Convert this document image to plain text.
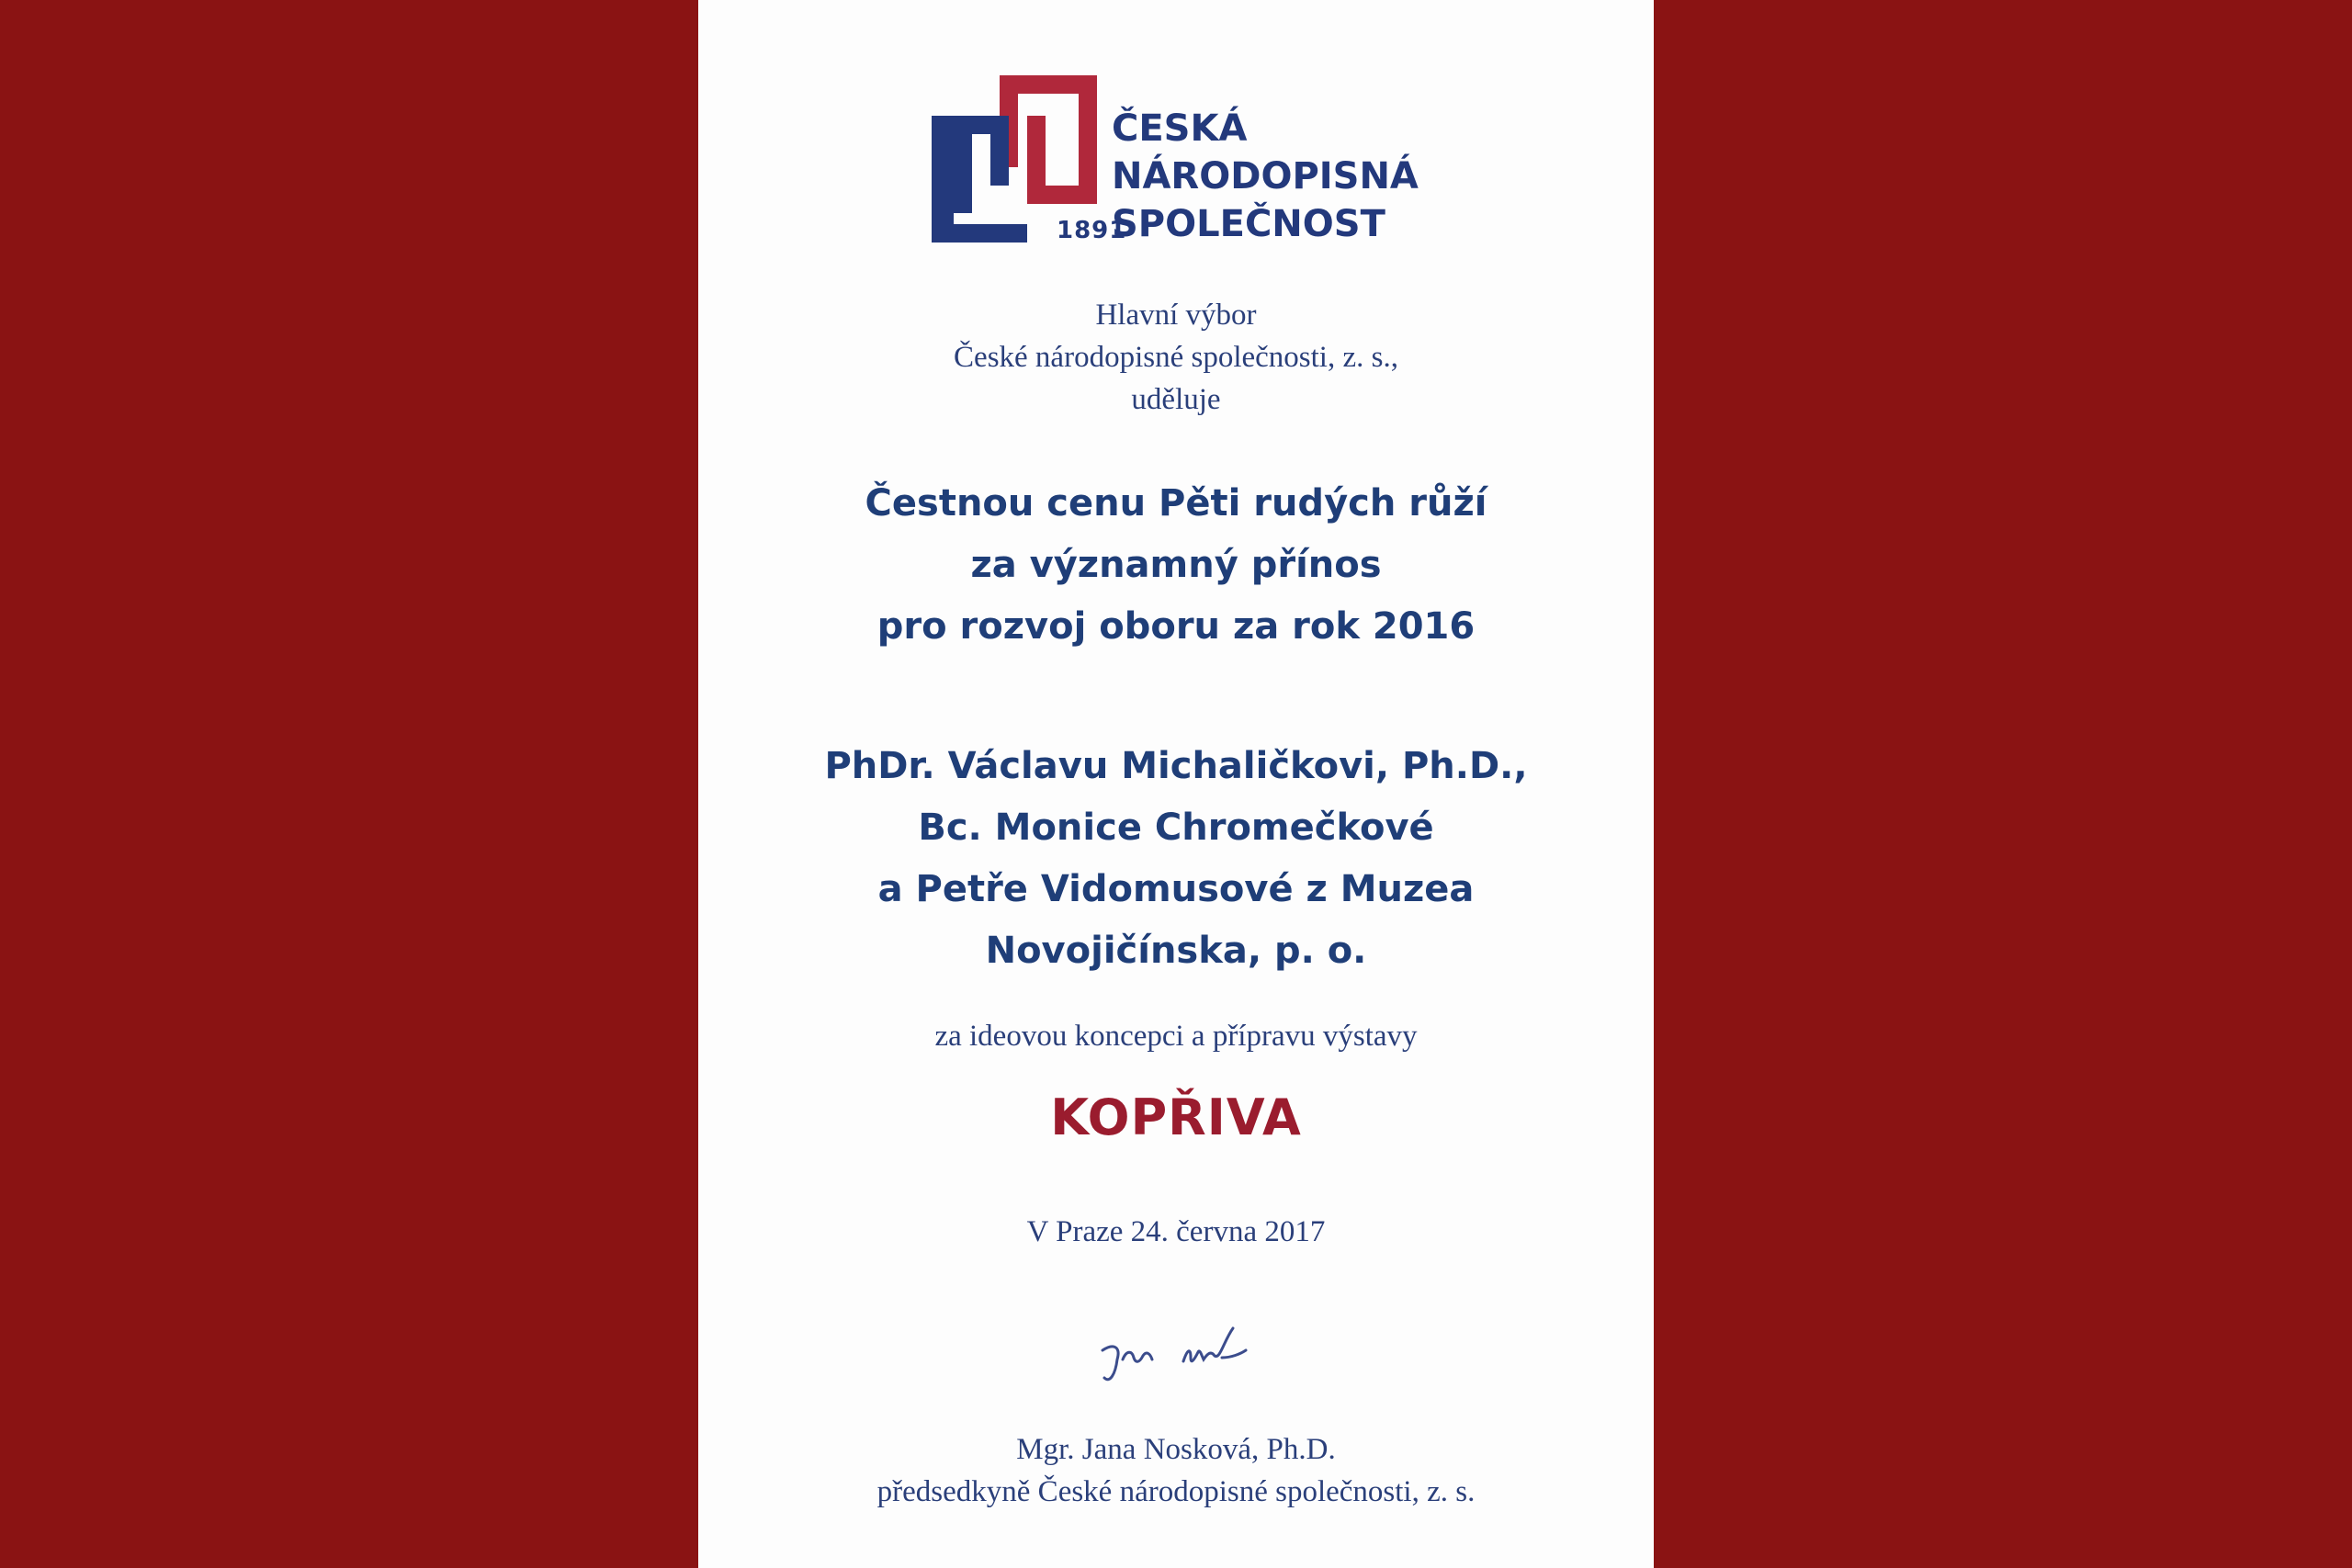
1891
ČESKÁ
NÁRODOPISNÁ
SPOLEČNOST
Hlavní výbor
České národopisné společnosti, z. s.,
uděluje
Čestnou cenu Pěti rudých růží
za významný přínos
pro rozvoj oboru za rok 2016
PhDr. Václavu Michaličkovi, Ph.D.,
Bc. Monice Chromečkové
a Petře Vidomusové z Muzea
Novojičínska, p. o.
za ideovou koncepci a přípravu výstavy
KOPŘIVA
V Praze 24. června 2017
Mgr. Jana Nosková, Ph.D.
předsedkyně České národopisné společnosti, z. s.
